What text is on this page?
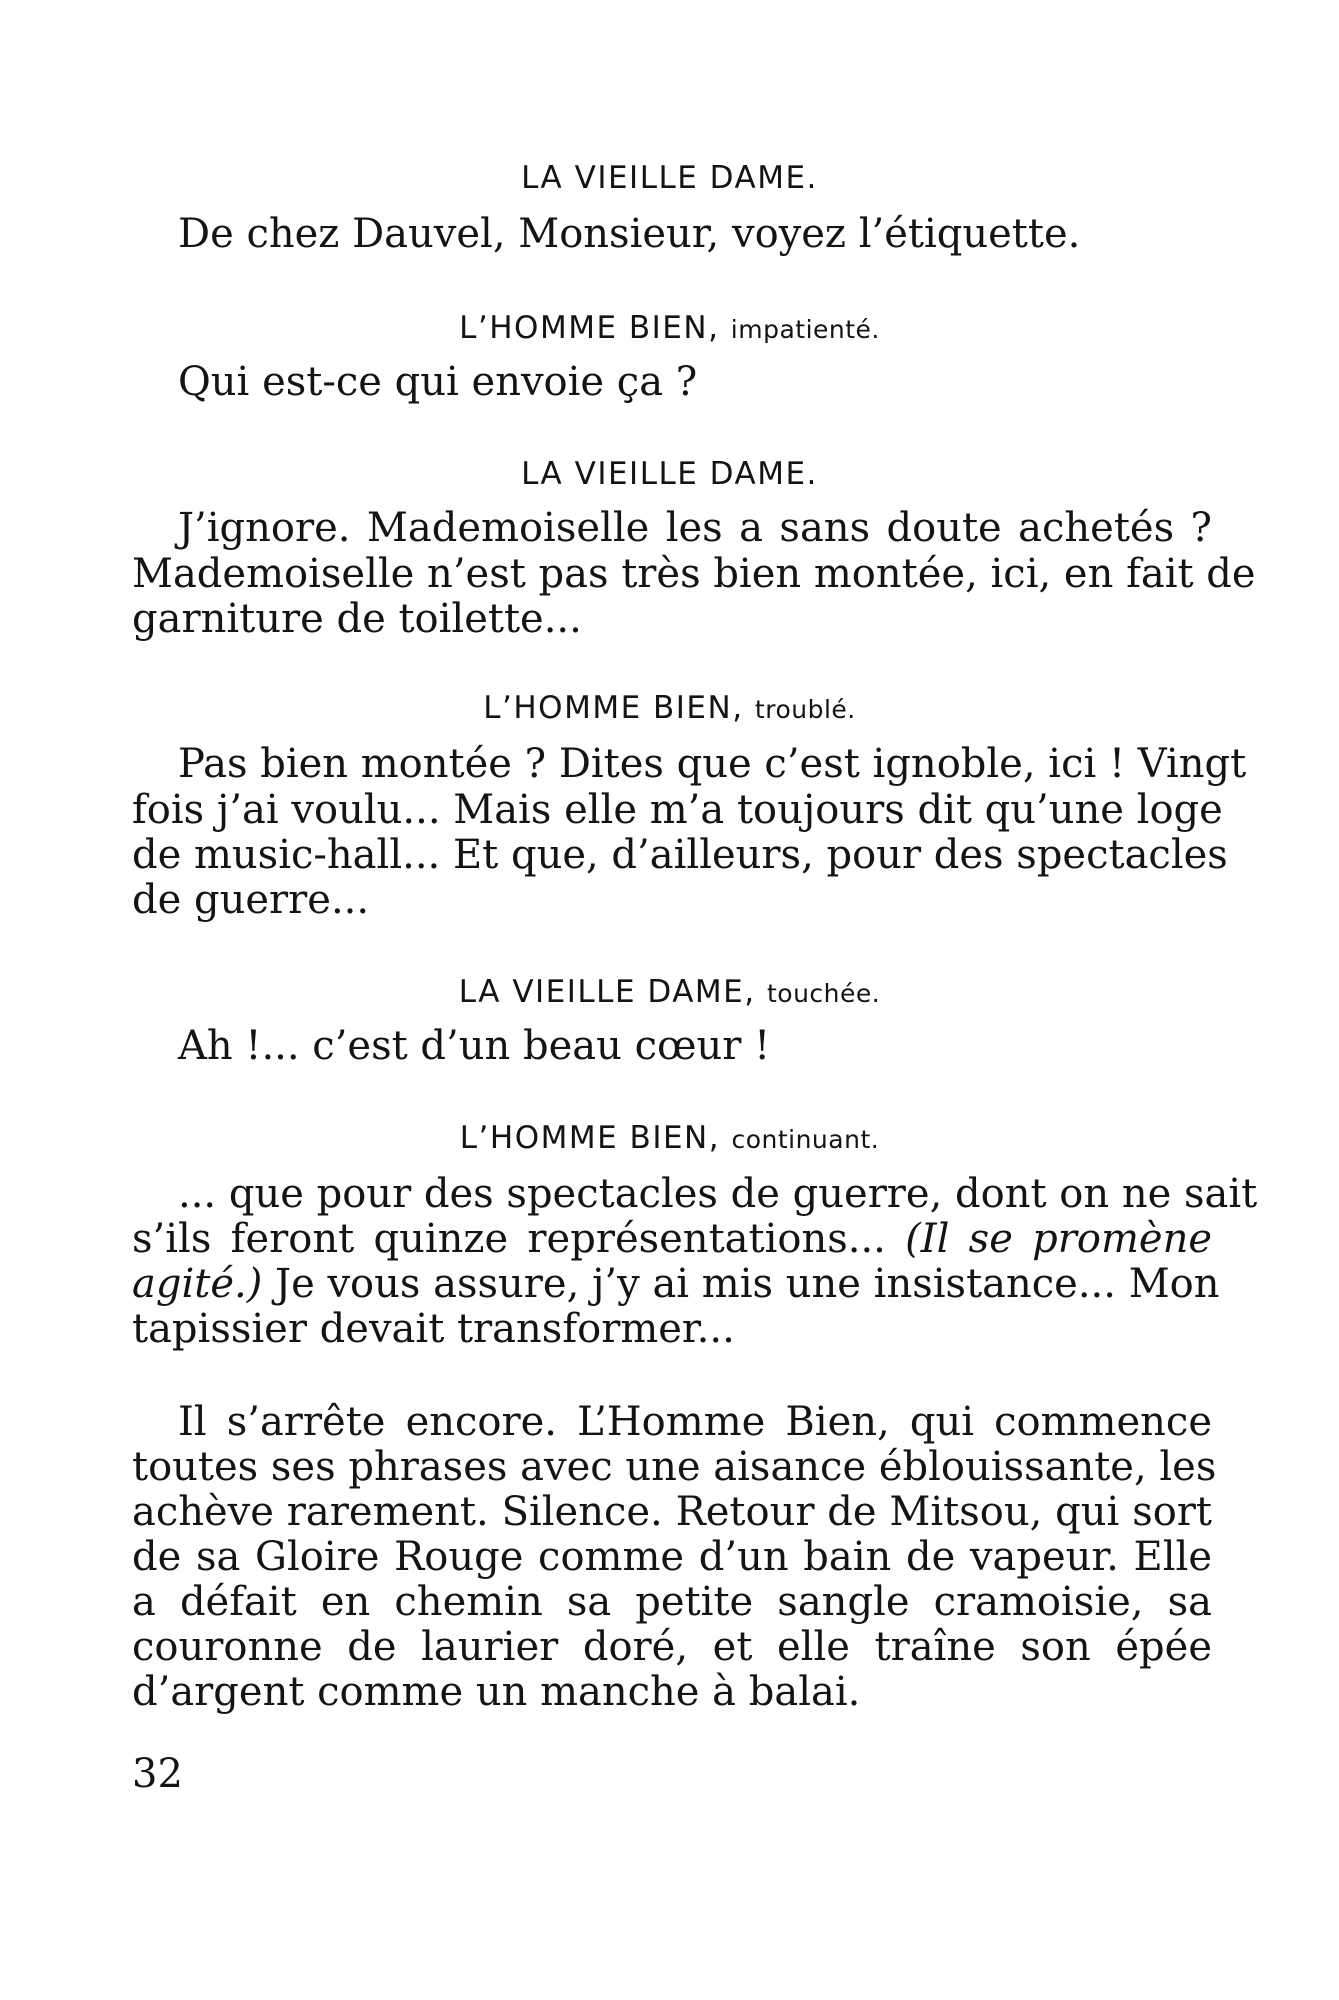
LA VIEILLE DAME.
De chez Dauvel, Monsieur, voyez l’étiquette.
L’HOMME BIEN, impatienté.
Qui est-ce qui envoie ça ?
LA VIEILLE DAME.
J’ignore. Mademoiselle les a sans doute achetés ?
Mademoiselle n’est pas très bien montée, ici, en fait de
garniture de toilette...
L’HOMME BIEN, troublé.
Pas bien montée ? Dites que c’est ignoble, ici ! Vingt
fois j’ai voulu... Mais elle m’a toujours dit qu’une loge
de music-hall... Et que, d’ailleurs, pour des spectacles
de guerre...
LA VIEILLE DAME, touchée.
Ah !... c’est d’un beau cœur !
L’HOMME BIEN, continuant.
... que pour des spectacles de guerre, dont on ne sait
s’ils feront quinze représentations... (Il se promène
agité.) Je vous assure, j’y ai mis une insistance... Mon
tapissier devait transformer...
Il s’arrête encore. L’Homme Bien, qui commence
toutes ses phrases avec une aisance éblouissante, les
achève rarement. Silence. Retour de Mitsou, qui sort
de sa Gloire Rouge comme d’un bain de vapeur. Elle
a défait en chemin sa petite sangle cramoisie, sa
couronne de laurier doré, et elle traîne son épée
d’argent comme un manche à balai.
32
